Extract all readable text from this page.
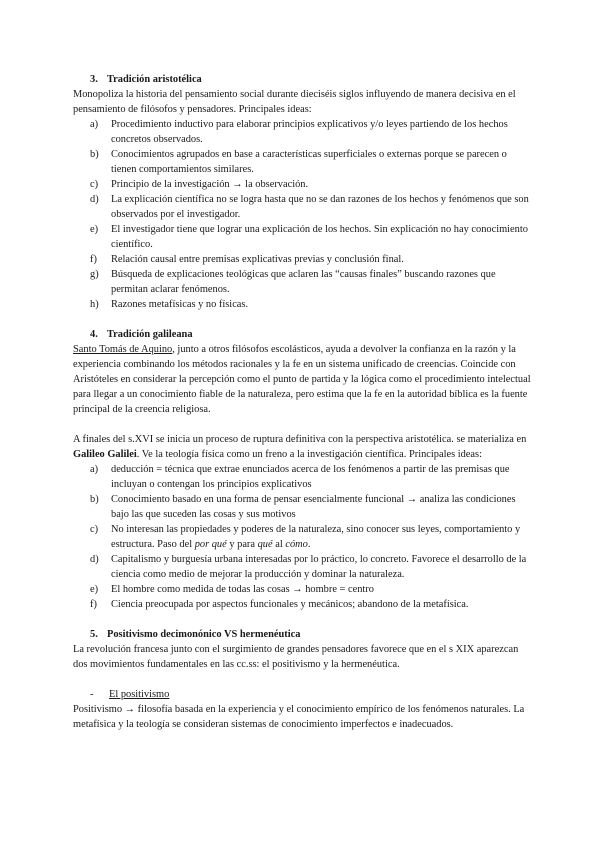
3. Tradición aristotélica

Monopoliza la historia del pensamiento social durante dieciséis siglos influyendo de manera decisiva en el pensamiento de filósofos y pensadores. Principales ideas:

a) Procedimiento inductivo para elaborar principios explicativos y/o leyes partiendo de los hechos concretos observados.
b) Conocimientos agrupados en base a características superficiales o externas porque se parecen o tienen comportamientos similares.
c) Principio de la investigación → la observación.
d) La explicación científica no se logra hasta que no se dan razones de los hechos y fenómenos que son observados por el investigador.
e) El investigador tiene que lograr una explicación de los hechos. Sin explicación no hay conocimiento científico.
f) Relación causal entre premisas explicativas previas y conclusión final.
g) Búsqueda de explicaciones teológicas que aclaren las “causas finales” buscando razones que permitan aclarar fenómenos.
h) Razones metafísicas y no físicas.
4. Tradición galileana

Santo Tomás de Aquino, junto a otros filósofos escolásticos, ayuda a devolver la confianza en la razón y la experiencia combinando los métodos racionales y la fe en un sistema unificado de creencias. Coincide con Aristóteles en considerar la percepción como el punto de partida y la lógica como el procedimiento intelectual para llegar a un conocimiento fiable de la naturaleza, pero estima que la fe en la autoridad bíblica es la fuente principal de la creencia religiosa.

A finales del s.XVI se inicia un proceso de ruptura definitiva con la perspectiva aristotélica. se materializa en Galileo Galilei. Ve la teología física como un freno a la investigación científica. Principales ideas:

a) deducción = técnica que extrae enunciados acerca de los fenómenos a partir de las premisas que incluyan o contengan los principios explicativos
b) Conocimiento basado en una forma de pensar esencialmente funcional → analiza las condiciones bajo las que suceden las cosas y sus motivos
c) No interesan las propiedades y poderes de la naturaleza, sino conocer sus leyes, comportamiento y estructura. Paso del por qué y para qué al cómo.
d) Capitalismo y burguesía urbana interesadas por lo práctico, lo concreto. Favorece el desarrollo de la ciencia como medio de mejorar la producción y dominar la naturaleza.
e) El hombre como medida de todas las cosas → hombre = centro
f) Ciencia preocupada por aspectos funcionales y mecánicos; abandono de la metafísica.
5. Positivismo decimonónico VS hermenéutica

La revolución francesa junto con el surgimiento de grandes pensadores favorece que en el s XIX aparezcan dos movimientos fundamentales en las cc.ss: el positivismo y la hermenéutica.

- El positivismo

Positivismo → filosofía basada en la experiencia y el conocimiento empírico de los fenómenos naturales. La metafísica y la teología se consideran sistemas de conocimiento imperfectos e inadecuados.
